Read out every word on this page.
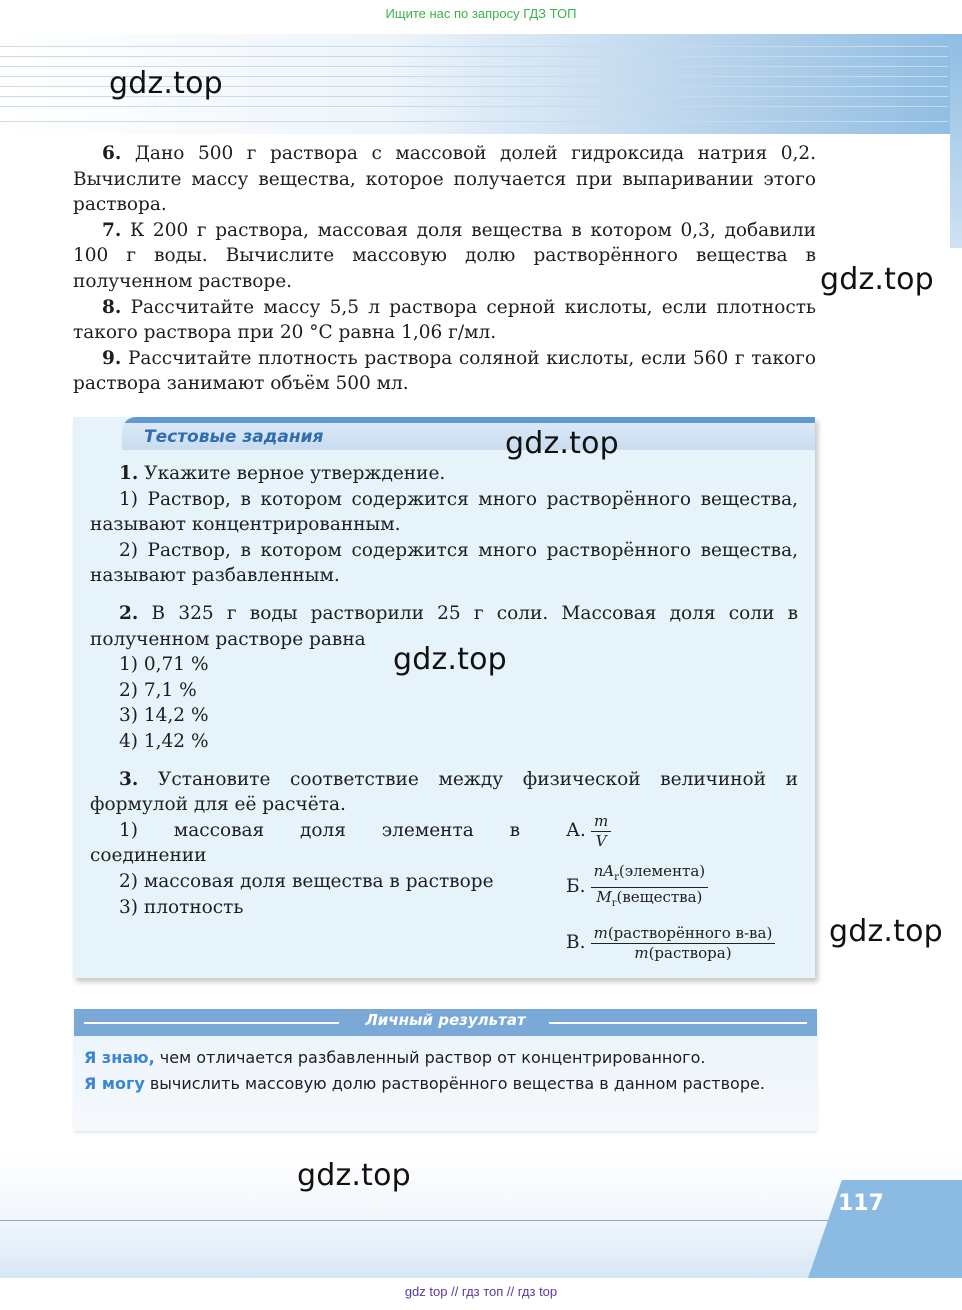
Ищите нас по запросу ГДЗ ТОП
gdz.top
gdz.top

6. Дано 500 г раствора с массовой долей гидроксида натрия 0,2. Вычислите массу вещества, которое получается при выпаривании этого раствора.

7. К 200 г раствора, массовая доля вещества в котором 0,3, добавили 100 г воды. Вычислите массовую долю растворённого вещества в полученном растворе.

8. Рассчитайте массу 5,5 л раствора серной кислоты, если плотность такого раствора при 20 °С равна 1,06 г/мл.

9. Рассчитайте плотность раствора соляной кислоты, если 560 г такого раствора занимают объём 500 мл.

Тестовые задания	gdz.top

1. Укажите верное утверждение.

1) Раствор, в котором содержится много растворённого вещества, называют концентрированным.

2) Раствор, в котором содержится много растворённого вещества, называют разбавленным.

2. В 325 г воды растворили 25 г соли. Массовая доля соли в полученном растворе равна

1) 0,71 %

2) 7,1 %

3) 14,2 %

4) 1,42 %

3. Установите соответствие между физической величиной и формулой для её расчёта.

1) массовая доля элемента в соединении

2) массовая доля вещества в растворе

3) плотность

gdz.top
А. $\frac{m}{V}$
Б. $\frac{nA_r(элемента)}{M_r(вещества)}$
В. $\frac{\text{m(растворённого в-ва)}}{\text{m(раствора)}} gdz.top$
Личный результат
Я знаю, чем отличается разбавленный раствор от концентрированного.
Я могу вычислить массовую долю растворённого вещества в данном растворе.
117
gdz.top
gdz top // гдз топ // гдз top
